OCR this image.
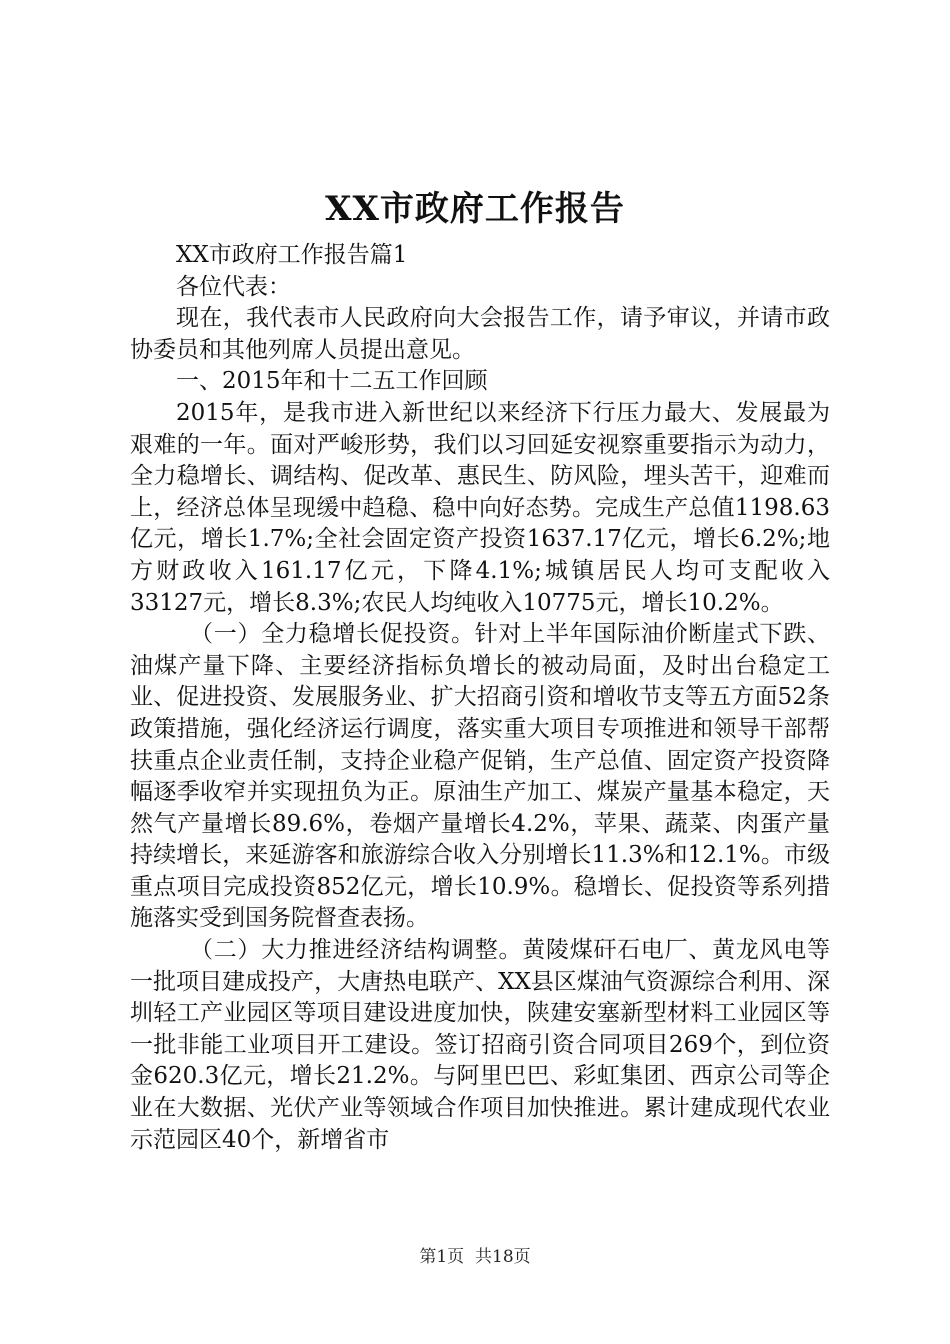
XX市政府工作报告

XX市政府工作报告篇1

各位代表：

现在，我代表市人民政府向大会报告工作，请予审议，并请市政协委员和其他列席人员提出意见。

一、2015年和十二五工作回顾

2015年，是我市进入新世纪以来经济下行压力最大、发展最为艰难的一年。面对严峻形势，我们以习回延安视察重要指示为动力，全力稳增长、调结构、促改革、惠民生、防风险，埋头苦干，迎难而上，经济总体呈现缓中趋稳、稳中向好态势。完成生产总值1198.63亿元，增长1.7%;全社会固定资产投资1637.17亿元，增长6.2%;地方财政收入161.17亿元，下降4.1%;城镇居民人均可支配收入33127元，增长8.3%;农民人均纯收入10775元，增长10.2%。

（一）全力稳增长促投资。针对上半年国际油价断崖式下跌、油煤产量下降、主要经济指标负增长的被动局面，及时出台稳定工业、促进投资、发展服务业、扩大招商引资和增收节支等五方面52条政策措施，强化经济运行调度，落实重大项目专项推进和领导干部帮扶重点企业责任制，支持企业稳产促销，生产总值、固定资产投资降幅逐季收窄并实现扭负为正。原油生产加工、煤炭产量基本稳定，天然气产量增长89.6%，卷烟产量增长4.2%，苹果、蔬菜、肉蛋产量持续增长，来延游客和旅游综合收入分别增长11.3%和12.1%。市级重点项目完成投资852亿元，增长10.9%。稳增长、促投资等系列措施落实受到国务院督查表扬。

（二）大力推进经济结构调整。黄陵煤矸石电厂、黄龙风电等一批项目建成投产，大唐热电联产、XX县区煤油气资源综合利用、深圳轻工产业园区等项目建设进度加快，陕建安塞新型材料工业园区等一批非能工业项目开工建设。签订招商引资合同项目269个，到位资金620.3亿元，增长21.2%。与阿里巴巴、彩虹集团、西京公司等企业在大数据、光伏产业等领域合作项目加快推进。累计建成现代农业示范园区40个，新增省市

第1页 共18页
